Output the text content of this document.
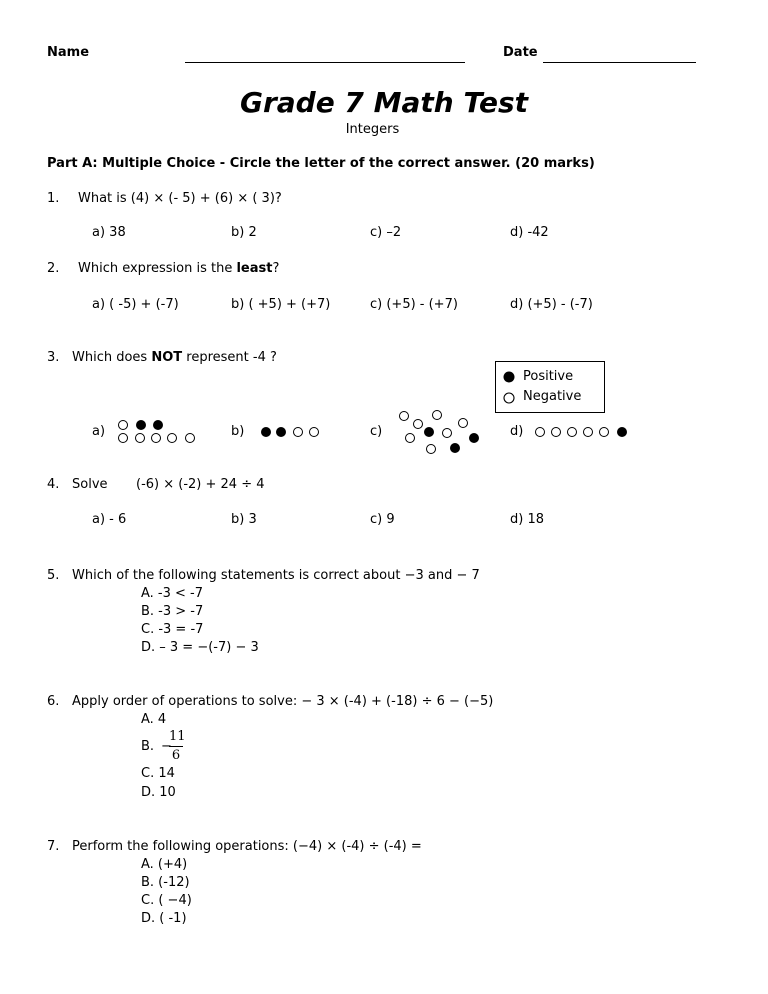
Name	Date
Grade 7 Math Test
Integers
Part A: Multiple Choice - Circle the letter of the correct answer. (20 marks)
1. What is (4) × (- 5) + (6) × ( 3)?
a) 38	b) 2	c) –2	d) -42
2. Which expression is the least?
a) ( -5) + (-7)	b) ( +5) + (+7)	c) (+5) - (+7)	d) (+5) - (-7)
3. Which does NOT represent -4 ?
Positive
Negative
a)	b)	c)	d)
4. Solve (-6) × (-2) + 24 ÷ 4
a) - 6	b) 3	c) 9	d) 18
5. Which of the following statements is correct about −3 and − 7
A. -3 < -7
B. -3 > -7
C. -3 = -7
D. – 3 = −(-7) − 3
6. Apply order of operations to solve: − 3 × (-4) + (-18) ÷ 6 − (−5)
A. 4
B. −
11
6
C. 14
D. 10
7. Perform the following operations: (−4) × (-4) ÷ (-4) =
A. (+4)
B. (-12)
C. ( −4)
D. ( -1)
